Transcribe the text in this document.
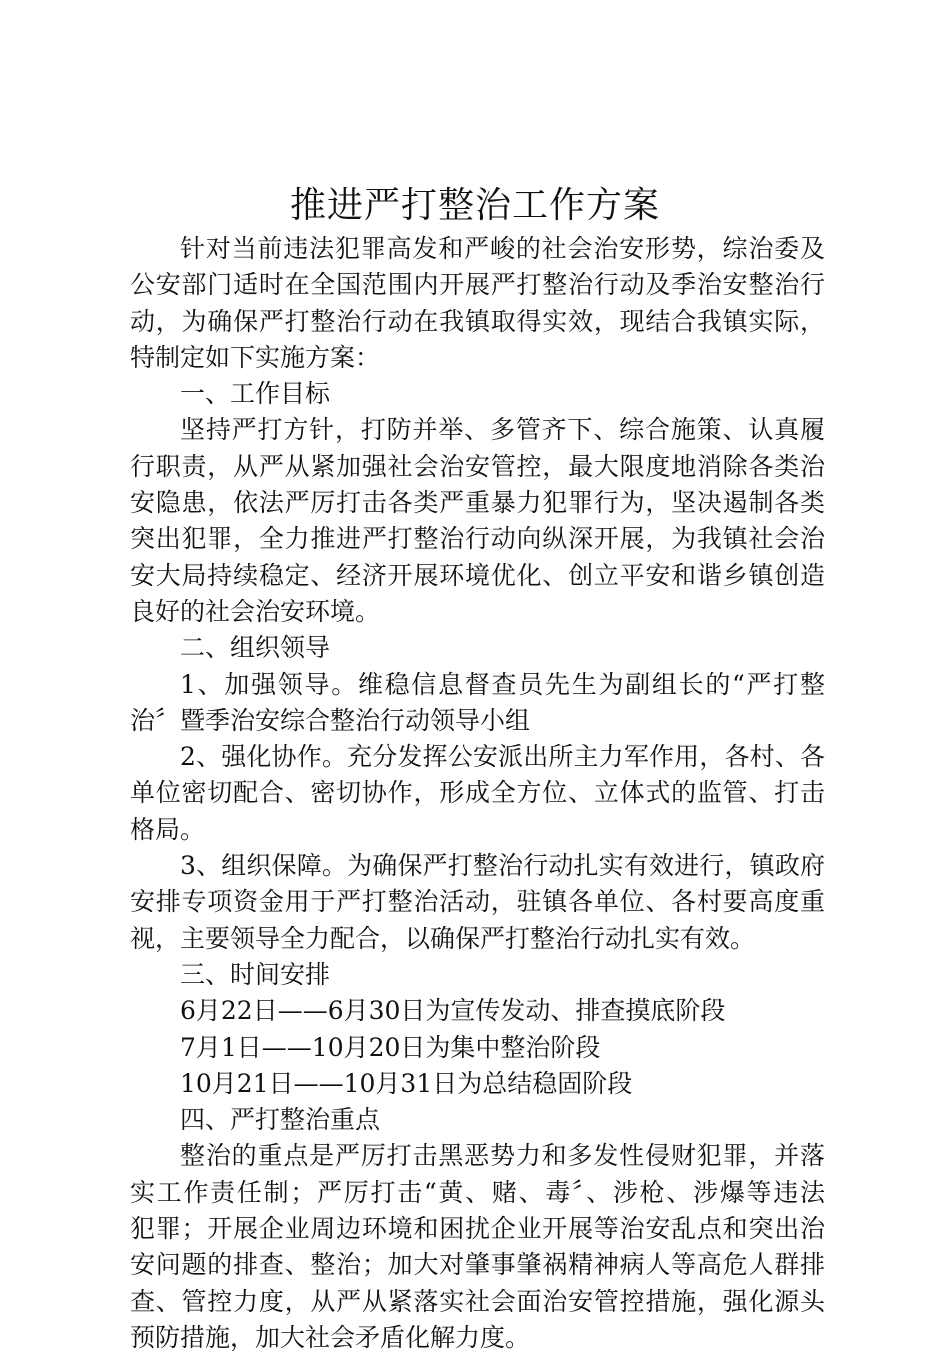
推进严打整治工作方案
针对当前违法犯罪高发和严峻的社会治安形势，综治委及
公安部门适时在全国范围内开展严打整治行动及季治安整治行
动，为确保严打整治行动在我镇取得实效，现结合我镇实际，
特制定如下实施方案：
一、工作目标
坚持严打方针，打防并举、多管齐下、综合施策、认真履
行职责，从严从紧加强社会治安管控，最大限度地消除各类治
安隐患，依法严厉打击各类严重暴力犯罪行为，坚决遏制各类
突出犯罪，全力推进严打整治行动向纵深开展，为我镇社会治
安大局持续稳定、经济开展环境优化、创立平安和谐乡镇创造
良好的社会治安环境。
二、组织领导
1、加强领导。维稳信息督查员先生为副组长的“严打整
治〞暨季治安综合整治行动领导小组
2、强化协作。充分发挥公安派出所主力军作用，各村、各
单位密切配合、密切协作，形成全方位、立体式的监管、打击
格局。
3、组织保障。为确保严打整治行动扎实有效进行，镇政府
安排专项资金用于严打整治活动，驻镇各单位、各村要高度重
视，主要领导全力配合，以确保严打整治行动扎实有效。
三、时间安排
6月22日——6月30日为宣传发动、排查摸底阶段
7月1日——10月20日为集中整治阶段
10月21日——10月31日为总结稳固阶段
四、严打整治重点
整治的重点是严厉打击黑恶势力和多发性侵财犯罪，并落
实工作责任制；严厉打击“黄、赌、毒〞、涉枪、涉爆等违法
犯罪；开展企业周边环境和困扰企业开展等治安乱点和突出治
安问题的排查、整治；加大对肇事肇祸精神病人等高危人群排
查、管控力度，从严从紧落实社会面治安管控措施，强化源头
预防措施，加大社会矛盾化解力度。
